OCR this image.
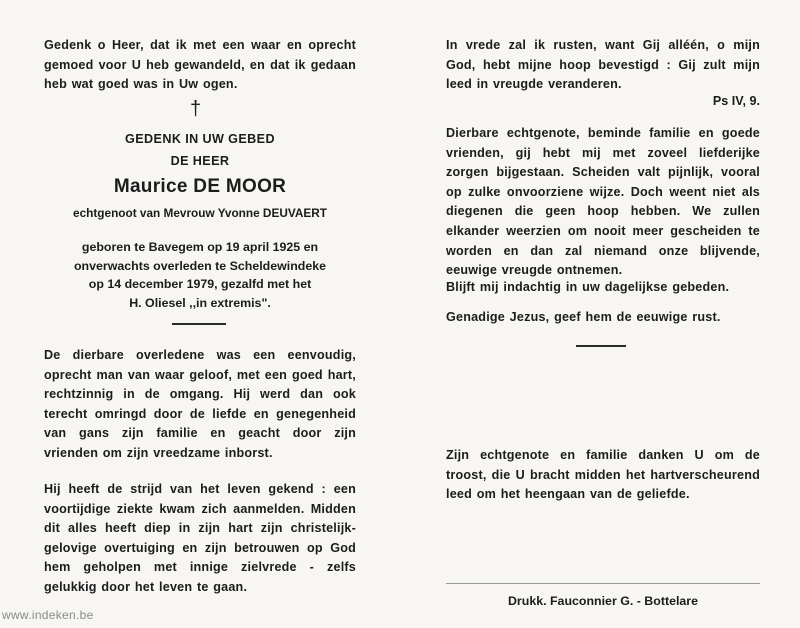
Gedenk o Heer, dat ik met een waar en oprecht gemoed voor U heb gewandeld, en dat ik gedaan heb wat goed was in Uw ogen.

†

GEDENK IN UW GEBED

DE HEER

Maurice DE MOOR

echtgenoot van Mevrouw Yvonne DEUVAERT

geboren te Bavegem op 19 april 1925 en
onverwachts overleden te Scheldewindeke
op 14 december 1979, gezalfd met het
H. Oliesel ,,in extremis".

De dierbare overledene was een eenvoudig, oprecht man van waar geloof, met een goed hart, rechtzinnig in de omgang. Hij werd dan ook terecht omringd door de liefde en genegenheid van gans zijn familie en geacht door zijn vrienden om zijn vreedzame inborst.

Hij heeft de strijd van het leven gekend : een voortijdige ziekte kwam zich aanmelden. Midden dit alles heeft diep in zijn hart zijn christelijk-gelovige overtuiging en zijn betrouwen op God hem geholpen met innige zielvrede - zelfs gelukkig door het leven te gaan.

In vrede zal ik rusten, want Gij alléén, o mijn God, hebt mijne hoop bevestigd : Gij zult mijn leed in vreugde veranderen.

Ps IV, 9.

Dierbare echtgenote, beminde familie en goede vrienden, gij hebt mij met zoveel liefderijke zorgen bijgestaan. Scheiden valt pijnlijk, vooral op zulke onvoorziene wijze. Doch weent niet als diegenen die geen hoop hebben. We zullen elkander weerzien om nooit meer gescheiden te worden en dan zal niemand onze blijvende, eeuwige vreugde ontnemen.

Blijft mij indachtig in uw dagelijkse gebeden.

Genadige Jezus, geef hem de eeuwige rust.

Zijn echtgenote en familie danken U om de troost, die U bracht midden het hartverscheurend leed om het heengaan van de geliefde.

Drukk. Fauconnier G. - Bottelare

www.indeken.be
